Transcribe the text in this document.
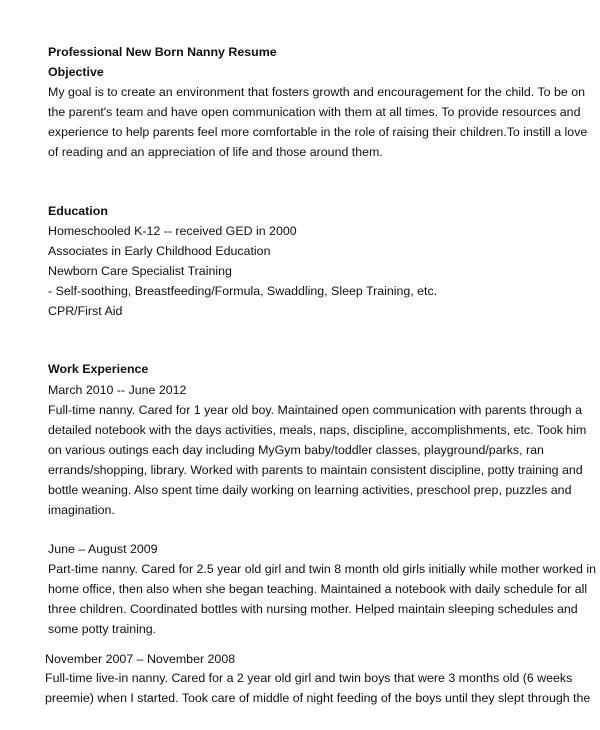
Professional New Born Nanny Resume
Objective
My goal is to create an environment that fosters growth and encouragement for the child. To be on
the parent's team and have open communication with them at all times. To provide resources and
experience to help parents feel more comfortable in the role of raising their children.To instill a love
of reading and an appreciation of life and those around them.
Education
Homeschooled K-12 -- received GED in 2000
Associates in Early Childhood Education
Newborn Care Specialist Training
- Self-soothing, Breastfeeding/Formula, Swaddling, Sleep Training, etc.
CPR/First Aid
Work Experience
March 2010 -- June 2012
Full-time nanny. Cared for 1 year old boy. Maintained open communication with parents through a
detailed notebook with the days activities, meals, naps, discipline, accomplishments, etc. Took him
on various outings each day including MyGym baby/toddler classes, playground/parks, ran
errands/shopping, library. Worked with parents to maintain consistent discipline, potty training and
bottle weaning. Also spent time daily working on learning activities, preschool prep, puzzles and
imagination.
June – August 2009
Part-time nanny. Cared for 2.5 year old girl and twin 8 month old girls initially while mother worked in
home office, then also when she began teaching. Maintained a notebook with daily schedule for all
three children. Coordinated bottles with nursing mother. Helped maintain sleeping schedules and
some potty training.
November 2007 – November 2008
Full-time live-in nanny. Cared for a 2 year old girl and twin boys that were 3 months old (6 weeks
preemie) when I started. Took care of middle of night feeding of the boys until they slept through the
